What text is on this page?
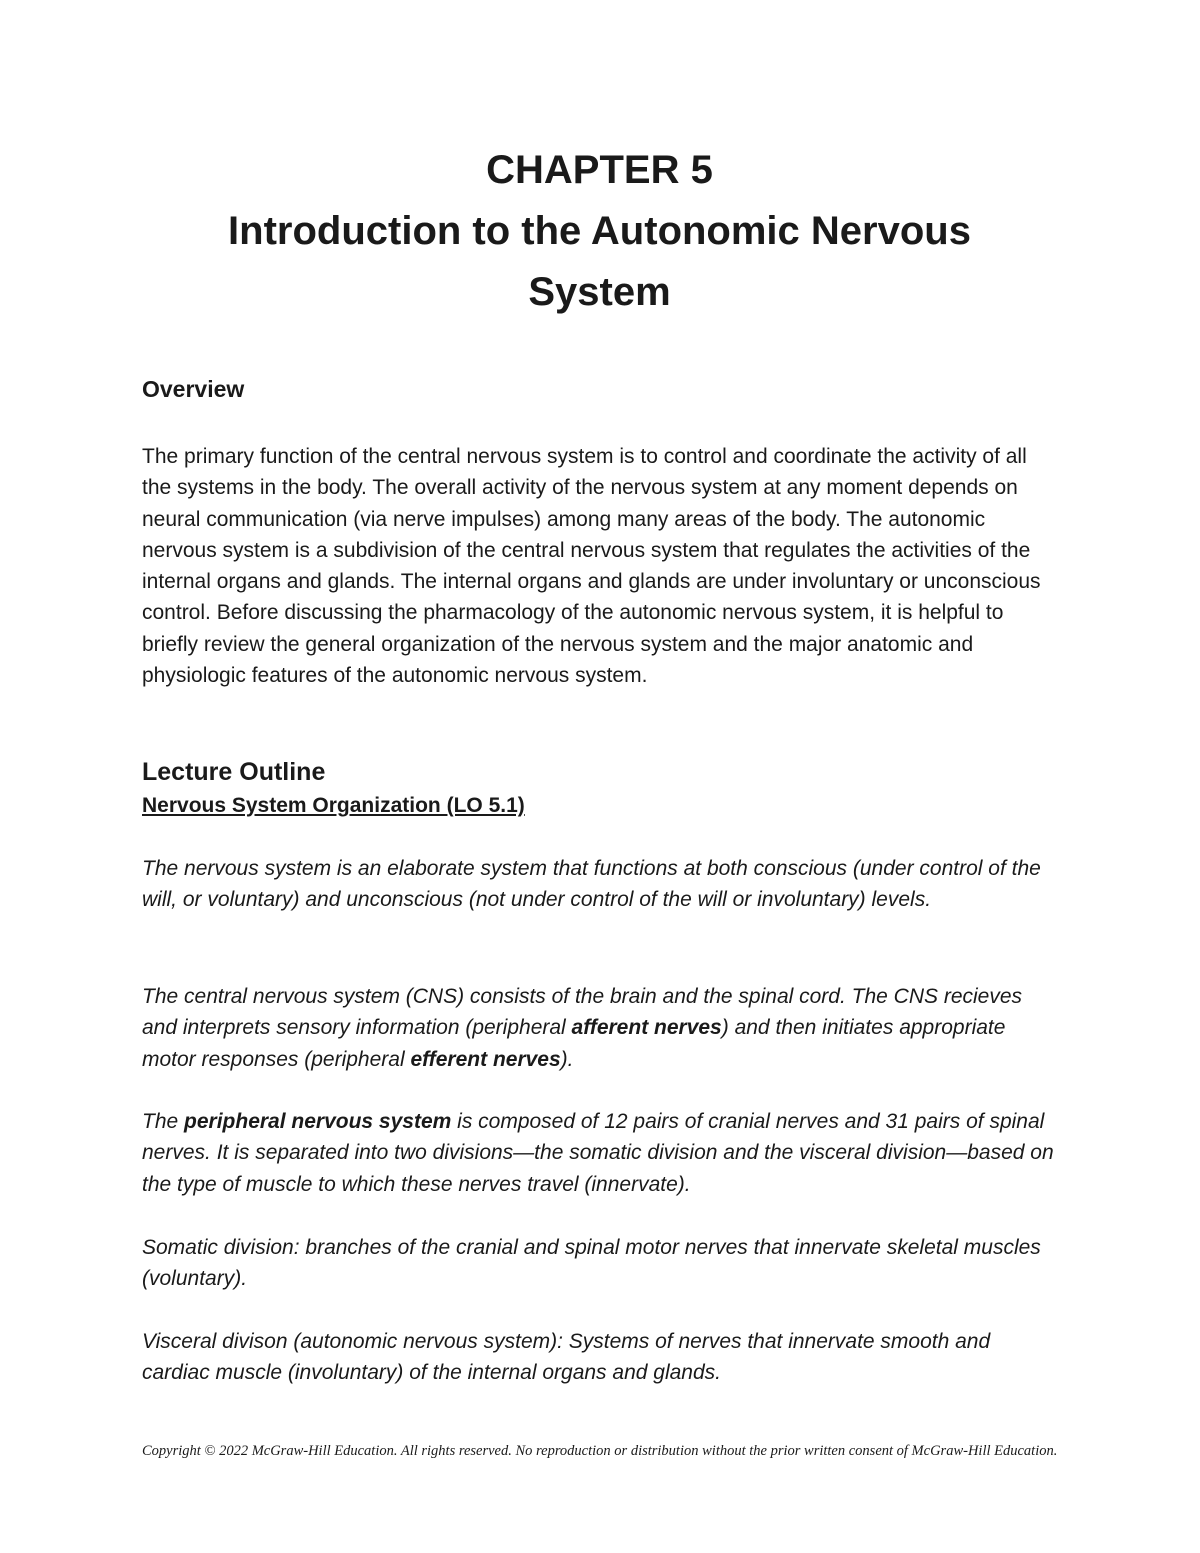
CHAPTER 5
Introduction to the Autonomic Nervous
System
Overview
The primary function of the central nervous system is to control and coordinate the activity of all the systems in the body. The overall activity of the nervous system at any moment depends on neural communication (via nerve impulses) among many areas of the body. The autonomic nervous system is a subdivision of the central nervous system that regulates the activities of the internal organs and glands. The internal organs and glands are under involuntary or unconscious control. Before discussing the pharmacology of the autonomic nervous system, it is helpful to briefly review the general organization of the nervous system and the major anatomic and physiologic features of the autonomic nervous system.
Lecture Outline
Nervous System Organization (LO 5.1)
The nervous system is an elaborate system that functions at both conscious (under control of the will, or voluntary) and unconscious (not under control of the will or involuntary) levels.
The central nervous system (CNS) consists of the brain and the spinal cord. The CNS recieves and interprets sensory information (peripheral afferent nerves) and then initiates appropriate motor responses (peripheral efferent nerves).
The peripheral nervous system is composed of 12 pairs of cranial nerves and 31 pairs of spinal nerves. It is separated into two divisions—the somatic division and the visceral division—based on the type of muscle to which these nerves travel (innervate).
Somatic division: branches of the cranial and spinal motor nerves that innervate skeletal muscles (voluntary).
Visceral divison (autonomic nervous system): Systems of nerves that innervate smooth and cardiac muscle (involuntary) of the internal organs and glands.
Copyright © 2022 McGraw-Hill Education. All rights reserved. No reproduction or distribution without the prior written consent of McGraw-Hill Education.
